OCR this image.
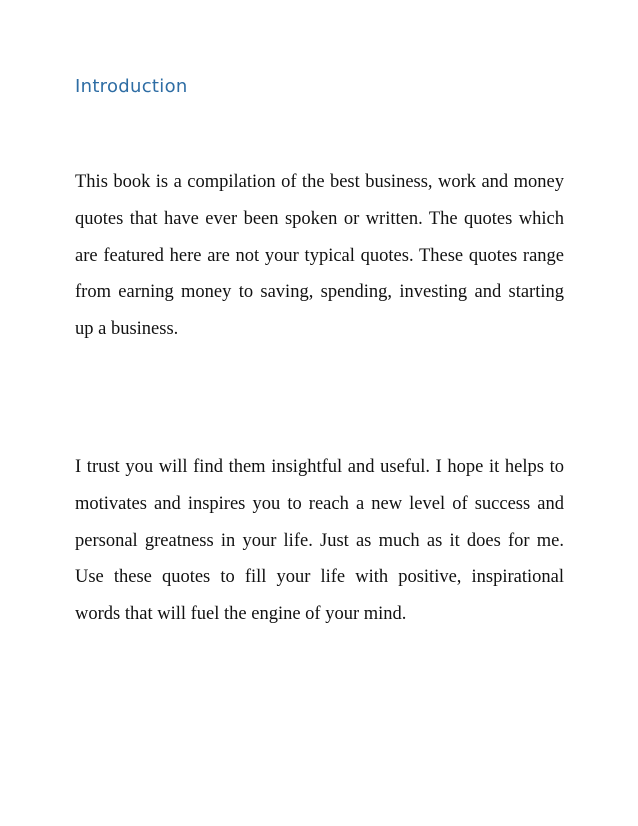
Introduction

This book is a compilation of the best business, work and money quotes that have ever been spoken or written. The quotes which are featured here are not your typical quotes. These quotes range from earning money to saving, spending, investing and starting up a business.

I trust you will find them insightful and useful. I hope it helps to motivates and inspires you to reach a new level of success and personal greatness in your life. Just as much as it does for me. Use these quotes to fill your life with positive, inspirational words that will fuel the engine of your mind.
